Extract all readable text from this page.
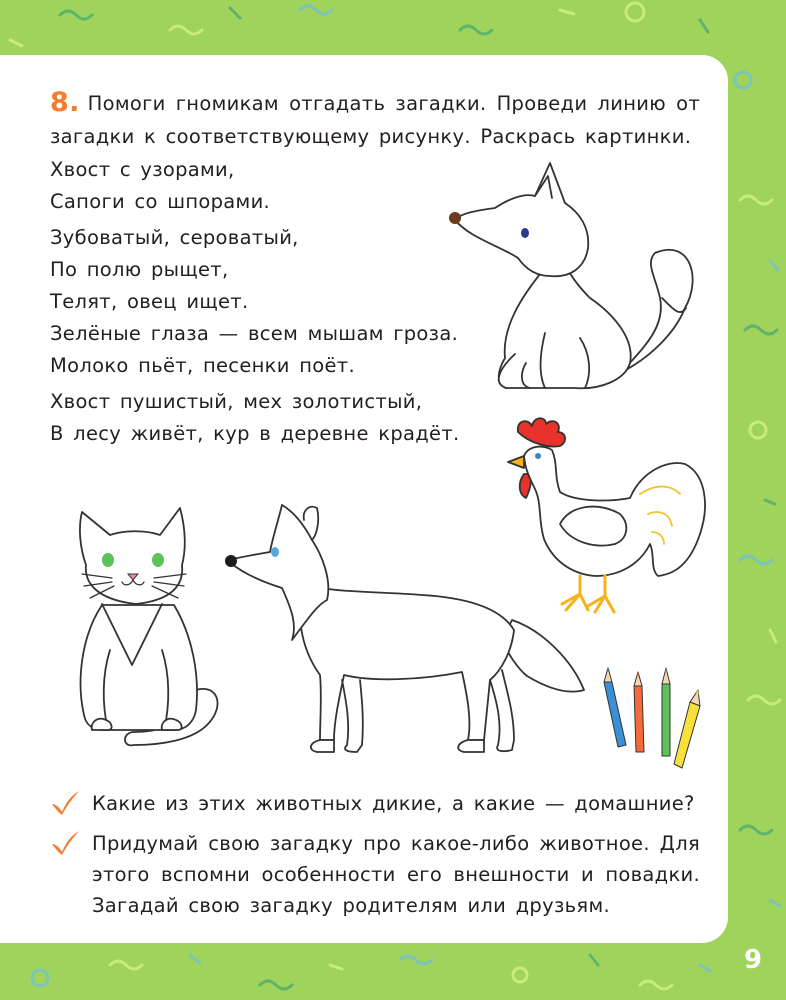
8. Помоги гномикам отгадать загадки. Проведи линию от загадки к соответствующему рисунку. Раскрась картинки.
Хвост с узорами,
Сапоги со шпорами.
Зубоватый, сероватый,
По полю рыщет,
Телят, овец ищет.
Зелёные глаза — всем мышам гроза.
Молоко пьёт, песенки поёт.
Хвост пушистый, мех золотистый,
В лесу живёт, кур в деревне крадёт.
Какие из этих животных дикие, а какие — домашние?
Придумай свою загадку про какое-либо животное. Для этого вспомни особенности его внешности и повадки. Загадай свою загадку родителям или друзьям.
9
